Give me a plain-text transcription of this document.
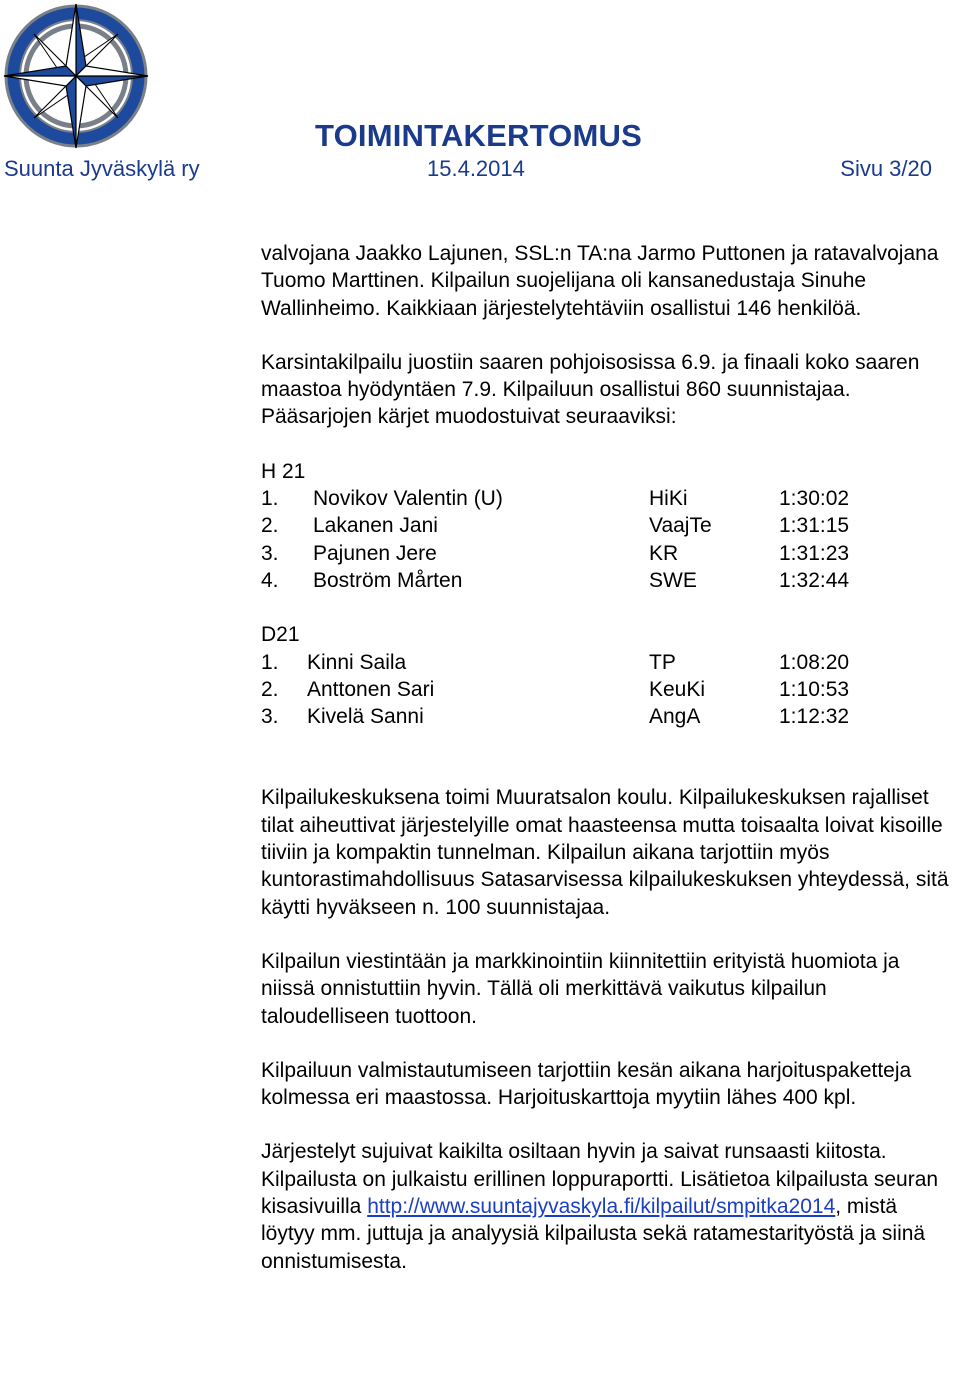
TOIMINTAKERTOMUS
Suunta Jyväskylä ry	15.4.2014	Sivu 3/20

valvojana Jaakko Lajunen, SSL:n TA:na Jarmo Puttonen ja ratavalvojana Tuomo Marttinen. Kilpailun suojelijana oli kansanedustaja Sinuhe Wallinheimo. Kaikkiaan järjestelytehtäviin osallistui 146 henkilöä.

Karsintakilpailu juostiin saaren pohjoisosissa 6.9. ja finaali koko saaren maastoa hyödyntäen 7.9. Kilpailuun osallistui 860 suunnistajaa. Pääsarjojen kärjet muodostuivat seuraaviksi:

H 21
1. Novikov Valentin (U)	HiKi	1:30:02
2. Lakanen Jani	VaajTe	1:31:15
3. Pajunen Jere	KR	1:31:23
4. Boström Mårten	SWE	1:32:44
D21
1. Kinni Saila	TP	1:08:20
2. Anttonen Sari	KeuKi	1:10:53
3. Kivelä Sanni	AngA	1:12:32

Kilpailukeskuksena toimi Muuratsalon koulu. Kilpailukeskuksen rajalliset tilat aiheuttivat järjestelyille omat haasteensa mutta toisaalta loivat kisoille tiiviin ja kompaktin tunnelman. Kilpailun aikana tarjottiin myös kuntorastimahdollisuus Satasarvisessa kilpailukeskuksen yhteydessä, sitä käytti hyväkseen n. 100 suunnistajaa.

Kilpailun viestintään ja markkinointiin kiinnitettiin erityistä huomiota ja niissä onnistuttiin hyvin. Tällä oli merkittävä vaikutus kilpailun taloudelliseen tuottoon.

Kilpailuun valmistautumiseen tarjottiin kesän aikana harjoituspaketteja kolmessa eri maastossa. Harjoituskarttoja myytiin lähes 400 kpl.

Järjestelyt sujuivat kaikilta osiltaan hyvin ja saivat runsaasti kiitosta. Kilpailusta on julkaistu erillinen loppuraportti. Lisätietoa kilpailusta seuran kisasivuilla http://www.suuntajyvaskyla.fi/kilpailut/smpitka2014, mistä löytyy mm. juttuja ja analyysiä kilpailusta sekä ratamestarityöstä ja siinä onnistumisesta.
